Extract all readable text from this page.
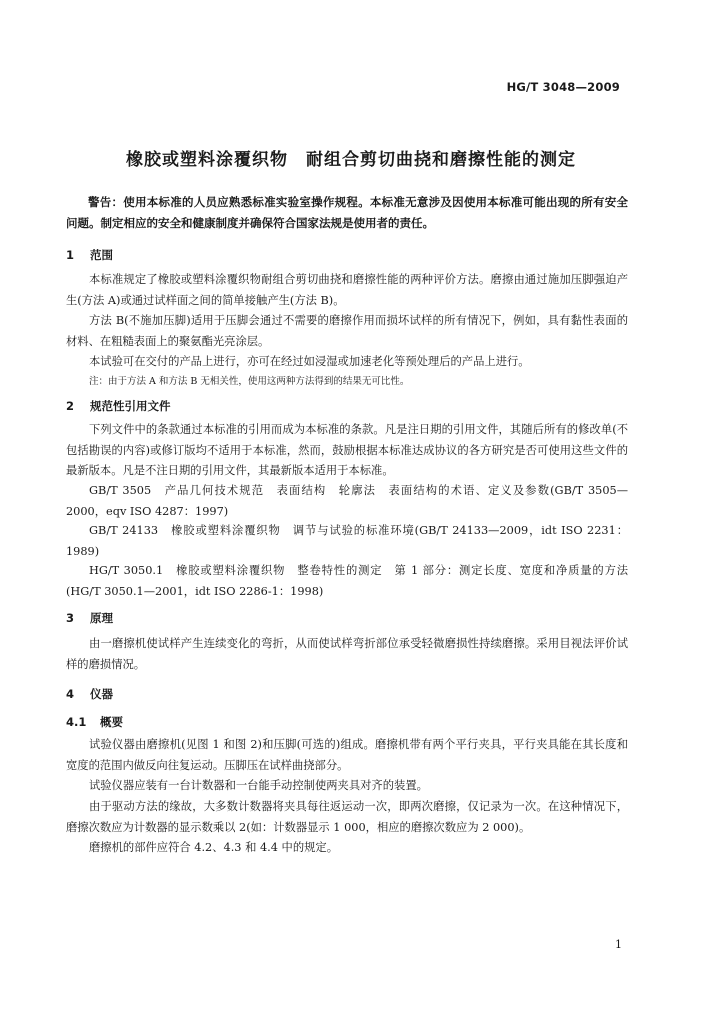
HG/T 3048—2009
橡胶或塑料涂覆织物　耐组合剪切曲挠和磨擦性能的测定
警告：使用本标准的人员应熟悉标准实验室操作规程。本标准无意涉及因使用本标准可能出现的所有安全问题。制定相应的安全和健康制度并确保符合国家法规是使用者的责任。
1 范围
本标准规定了橡胶或塑料涂覆织物耐组合剪切曲挠和磨擦性能的两种评价方法。磨擦由通过施加压脚强迫产生(方法 A)或通过试样面之间的简单接触产生(方法 B)。
方法 B(不施加压脚)适用于压脚会通过不需要的磨擦作用而损坏试样的所有情况下，例如，具有黏性表面的材料、在粗糙表面上的聚氨酯光亮涂层。
本试验可在交付的产品上进行，亦可在经过如浸湿或加速老化等预处理后的产品上进行。
注：由于方法 A 和方法 B 无相关性，使用这两种方法得到的结果无可比性。
2 规范性引用文件
下列文件中的条款通过本标准的引用而成为本标准的条款。凡是注日期的引用文件，其随后所有的修改单(不包括勘误的内容)或修订版均不适用于本标准，然而，鼓励根据本标准达成协议的各方研究是否可使用这些文件的最新版本。凡是不注日期的引用文件，其最新版本适用于本标准。
GB/T 3505　产品几何技术规范　表面结构　轮廓法　表面结构的术语、定义及参数(GB/T 3505—2000，eqv ISO 4287：1997)
GB/T 24133　橡胶或塑料涂覆织物　调节与试验的标准环境(GB/T 24133—2009，idt ISO 2231：1989)
HG/T 3050.1　橡胶或塑料涂覆织物　整卷特性的测定　第 1 部分：测定长度、宽度和净质量的方法(HG/T 3050.1—2001，idt ISO 2286-1：1998)
3 原理
由一磨擦机使试样产生连续变化的弯折，从而使试样弯折部位承受轻微磨损性持续磨擦。采用目视法评价试样的磨损情况。
4 仪器
4.1 概要
试验仪器由磨擦机(见图 1 和图 2)和压脚(可选的)组成。磨擦机带有两个平行夹具，平行夹具能在其长度和宽度的范围内做反向往复运动。压脚压在试样曲挠部分。
试验仪器应装有一台计数器和一台能手动控制使两夹具对齐的装置。
由于驱动方法的缘故，大多数计数器将夹具每往返运动一次，即两次磨擦，仅记录为一次。在这种情况下，磨擦次数应为计数器的显示数乘以 2(如：计数器显示 1 000，相应的磨擦次数应为 2 000)。
磨擦机的部件应符合 4.2、4.3 和 4.4 中的规定。
1
